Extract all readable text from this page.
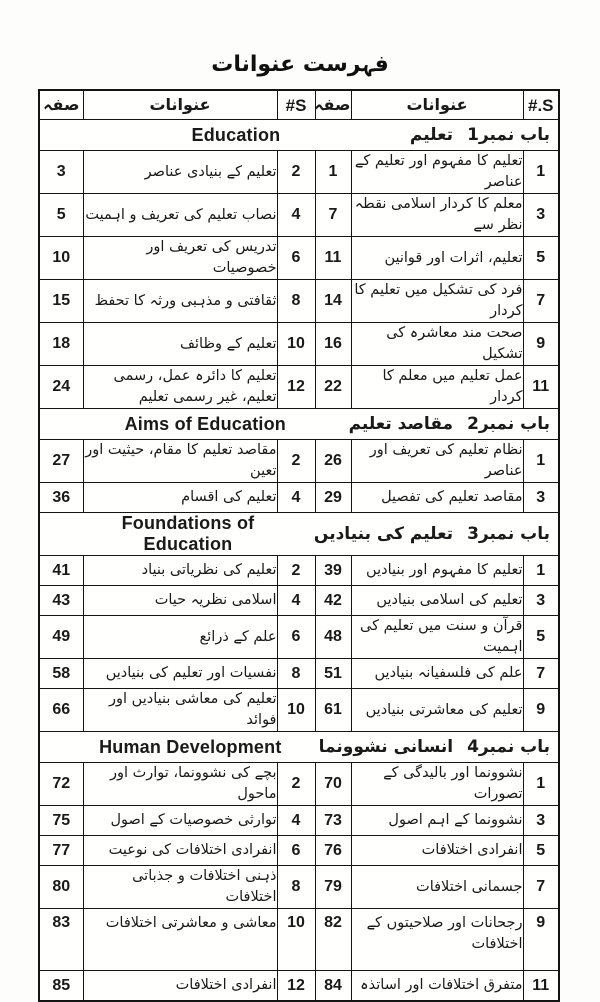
فہرست عنوانات
S.#	عنوانات	صفہ	S#	عنوانات	صفہ

باب نمبر1
تعلیم
Education					

1	تعلیم کا مفہوم اور تعلیم کے عناصر	1	2	تعلیم کے بنیادی عناصر	3
3	معلم کا کردار اسلامی نقطہ نظر سے	7	4	نصاب تعلیم کی تعریف و اہمیت	5
5	تعلیم، اثرات اور قوانین	11	6	تدریس کی تعریف اور خصوصیات	10
7	فرد کی تشکیل میں تعلیم کا کردار	14	8	ثقافتی و مذہبی ورثہ کا تحفظ	15
9	صحت مند معاشرہ کی تشکیل	16	10	تعلیم کے وظائف	18
11	عمل تعلیم میں معلم کا کردار	22	12	تعلیم کا دائرہ عمل، رسمی تعلیم، غیر رسمی تعلیم	24

باب نمبر2
مقاصد تعلیم
Aims of Education					

1	نظام تعلیم کی تعریف اور عناصر	26	2	مقاصد تعلیم کا مقام، حیثیت اور تعین	27
3	مقاصد تعلیم کی تفصیل	29	4	تعلیم کی اقسام	36

باب نمبر3
تعلیم کی بنیادیں
Foundations of Education					

1	تعلیم کا مفہوم اور بنیادیں	39	2	تعلیم کی نظریاتی بنیاد	41
3	تعلیم کی اسلامی بنیادیں	42	4	اسلامی نظریہ حیات	43
5	قرآن و سنت میں تعلیم کی اہمیت	48	6	علم کے ذرائع	49
7	علم کی فلسفیانہ بنیادیں	51	8	نفسیات اور تعلیم کی بنیادیں	58
9	تعلیم کی معاشرتی بنیادیں	61	10	تعلیم کی معاشی بنیادیں اور فوائد	66

باب نمبر4
انسانی نشوونما
Human Development					

1	نشوونما اور بالیدگی کے تصورات	70	2	بچے کی نشوونما، توارث اور ماحول	72
3	نشوونما کے اہم اصول	73	4	توارثی خصوصیات کے اصول	75
5	انفرادی اختلافات	76	6	انفرادی اختلافات کی نوعیت	77
7	جسمانی اختلافات	79	8	ذہنی اختلافات و جذباتی اختلافات	80
9	رجحانات اور صلاحیتوں کے اختلافات	82	10	معاشی و معاشرتی اختلافات	83
11	متفرق اختلافات اور اساتذہ	84	12	انفرادی اختلافات	85
